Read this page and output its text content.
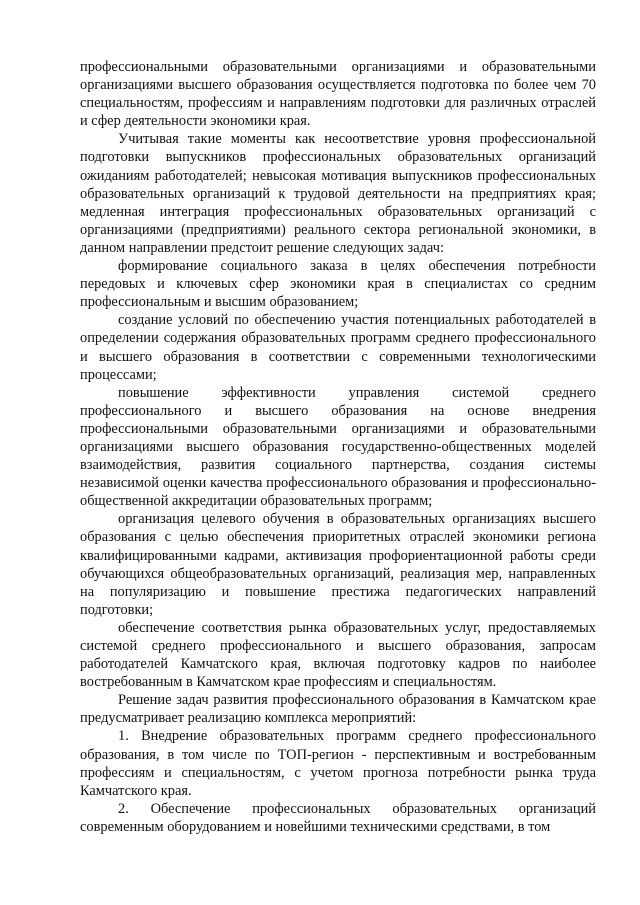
профессиональными образовательными организациями и образовательными организациями высшего образования осуществляется подготовка по более чем 70 специальностям, профессиям и направлениям подготовки для различных отраслей и сфер деятельности экономики края.

Учитывая такие моменты как несоответствие уровня профессиональной подготовки выпускников профессиональных образовательных организаций ожиданиям работодателей; невысокая мотивация выпускников профессиональных образовательных организаций к трудовой деятельности на предприятиях края; медленная интеграция профессиональных образовательных организаций с организациями (предприятиями) реального сектора региональной экономики, в данном направлении предстоит решение следующих задач:

формирование социального заказа в целях обеспечения потребности передовых и ключевых сфер экономики края в специалистах со средним профессиональным и высшим образованием;

создание условий по обеспечению участия потенциальных работодателей в определении содержания образовательных программ среднего профессионального и высшего образования в соответствии с современными технологическими процессами;

повышение эффективности управления системой среднего профессионального и высшего образования на основе внедрения профессиональными образовательными организациями и образовательными организациями высшего образования государственно-общественных моделей взаимодействия, развития социального партнерства, создания системы независимой оценки качества профессионального образования и профессионально-общественной аккредитации образовательных программ;

организация целевого обучения в образовательных организациях высшего образования с целью обеспечения приоритетных отраслей экономики региона квалифицированными кадрами, активизация профориентационной работы среди обучающихся общеобразовательных организаций, реализация мер, направленных на популяризацию и повышение престижа педагогических направлений подготовки;

обеспечение соответствия рынка образовательных услуг, предоставляемых системой среднего профессионального и высшего образования, запросам работодателей Камчатского края, включая подготовку кадров по наиболее востребованным в Камчатском крае профессиям и специальностям.

Решение задач развития профессионального образования в Камчатском крае предусматривает реализацию комплекса мероприятий:

1. Внедрение образовательных программ среднего профессионального образования, в том числе по ТОП-регион - перспективным и востребованным профессиям и специальностям, с учетом прогноза потребности рынка труда Камчатского края.

2. Обеспечение профессиональных образовательных организаций современным оборудованием и новейшими техническими средствами, в том
